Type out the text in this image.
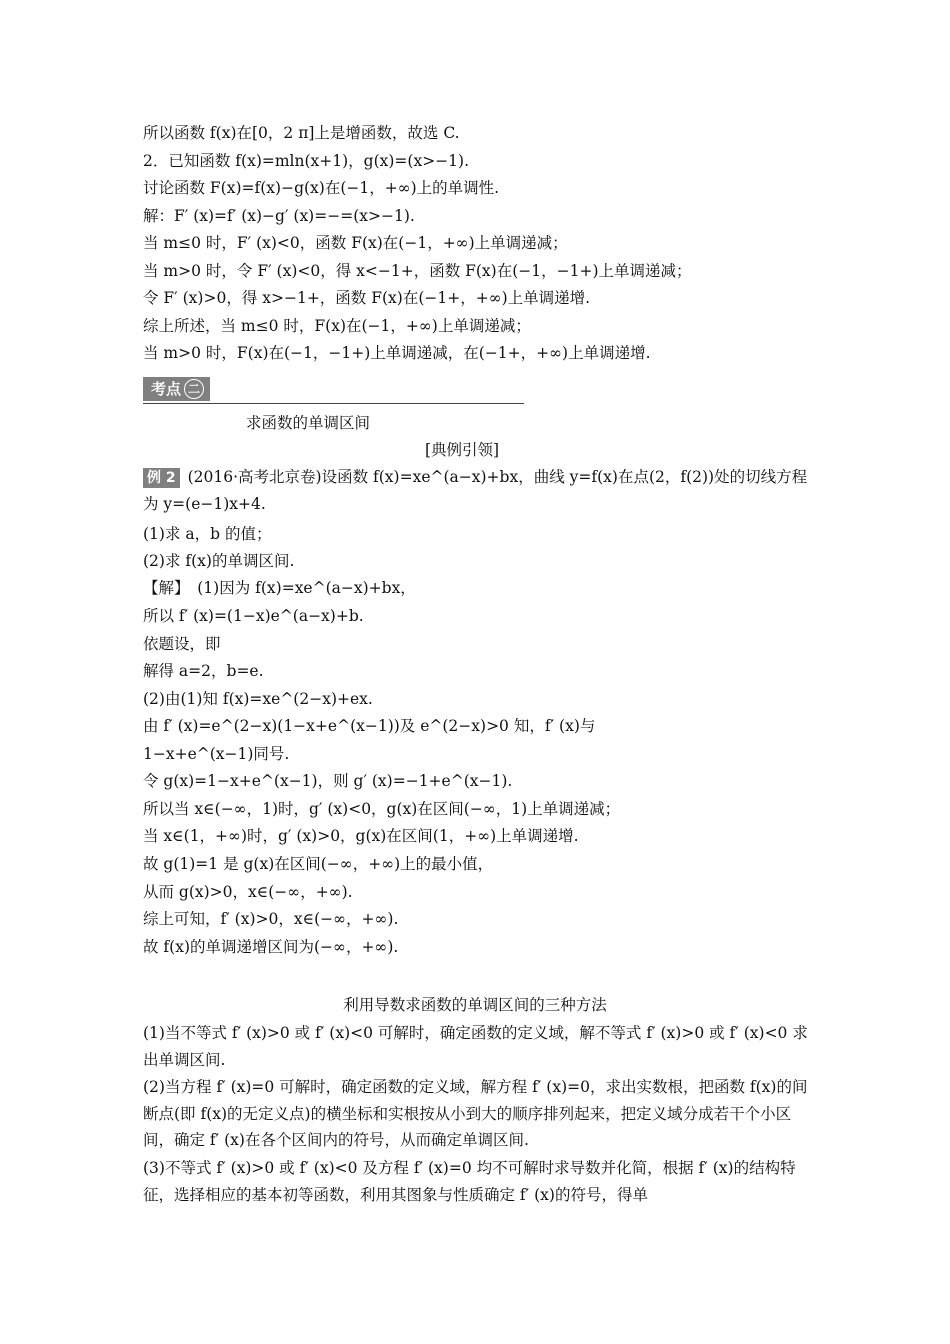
所以函数 f(x)在[0，2 π]上是增函数，故选 C.
2．已知函数 f(x)=mln(x+1)，g(x)=(x>−1).
讨论函数 F(x)=f(x)−g(x)在(−1，+∞)上的单调性.
解：F′ (x)=f′ (x)−g′ (x)=−=(x>−1).
当 m≤0 时，F′ (x)<0，函数 F(x)在(−1，+∞)上单调递减；
当 m>0 时，令 F′ (x)<0，得 x<−1+，函数 F(x)在(−1，−1+)上单调递减；
令 F′ (x)>0，得 x>−1+，函数 F(x)在(−1+，+∞)上单调递增.
综上所述，当 m≤0 时，F(x)在(−1，+∞)上单调递减；
当 m>0 时，F(x)在(−1，−1+)上单调递减，在(−1+，+∞)上单调递增.
考点 二
求函数的单调区间
[典例引领]
例 2 (2016·高考北京卷)设函数 f(x)=xe^(a−x)+bx，曲线 y=f(x)在点(2，f(2))处的切线方程为 y=(e−1)x+4.
(1)求 a，b 的值；
(2)求 f(x)的单调区间.
【解】　(1)因为 f(x)=xe^(a−x)+bx，
所以 f′ (x)=(1−x)e^(a−x)+b.
依题设，即
解得 a=2，b=e.
(2)由(1)知 f(x)=xe^(2−x)+ex.
由 f′ (x)=e^(2−x)(1−x+e^(x−1))及 e^(2−x)>0 知，f′ (x)与
1−x+e^(x−1)同号.
令 g(x)=1−x+e^(x−1)，则 g′ (x)=−1+e^(x−1).
所以当 x∈(−∞，1)时，g′ (x)<0，g(x)在区间(−∞，1)上单调递减；
当 x∈(1，+∞)时，g′ (x)>0，g(x)在区间(1，+∞)上单调递增.
故 g(1)=1 是 g(x)在区间(−∞，+∞)上的最小值，
从而 g(x)>0，x∈(−∞，+∞).
综上可知，f′ (x)>0，x∈(−∞，+∞).
故 f(x)的单调递增区间为(−∞，+∞).
利用导数求函数的单调区间的三种方法
(1)当不等式 f′ (x)>0 或 f′ (x)<0 可解时，确定函数的定义域，解不等式 f′ (x)>0 或 f′ (x)<0 求出单调区间.
(2)当方程 f′ (x)=0 可解时，确定函数的定义域，解方程 f′ (x)=0，求出实数根，把函数 f(x)的间断点(即 f(x)的无定义点)的横坐标和实根按从小到大的顺序排列起来，把定义域分成若干个小区间，确定 f′ (x)在各个区间内的符号，从而确定单调区间.
(3)不等式 f′ (x)>0 或 f′ (x)<0 及方程 f′ (x)=0 均不可解时求导数并化简，根据 f′ (x)的结构特征，选择相应的基本初等函数，利用其图象与性质确定 f′ (x)的符号，得单
